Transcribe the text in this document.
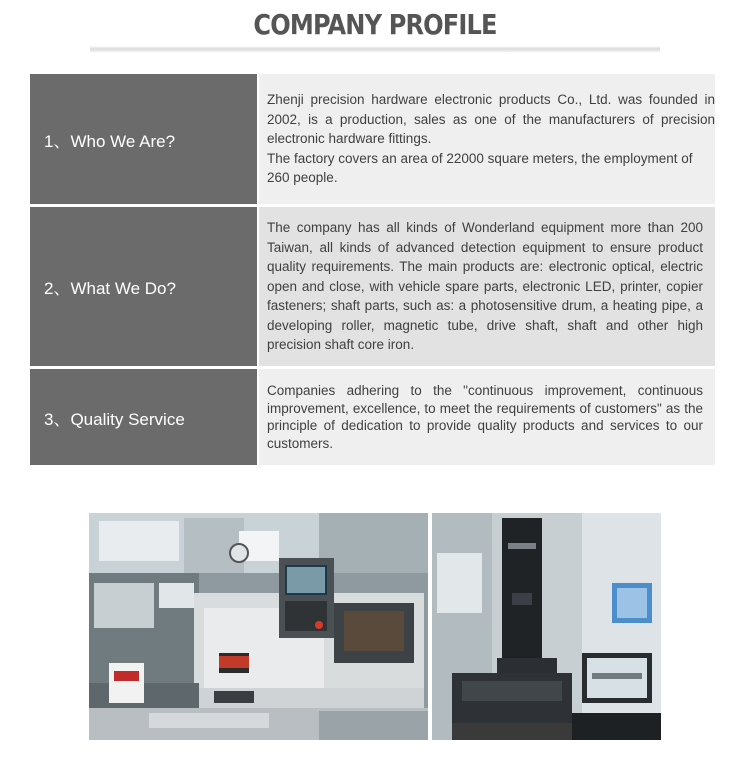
COMPANY PROFILE
1、Who We Are?

Zhenji precision hardware electronic products Co., Ltd. was founded in 2002, is a production, sales as one of the manufacturers of precision electronic hardware fittings.

The factory covers an area of 22000 square meters, the employment of 260 people.

2、What We Do?

The company has all kinds of Wonderland equipment more than 200 Taiwan, all kinds of advanced detection equipment to ensure product quality requirements. The main products are: electronic optical, electric open and close, with vehicle spare parts, electronic LED, printer, copier fasteners; shaft parts, such as: a photosensitive drum, a heating pipe, a developing roller, magnetic tube, drive shaft, shaft and other high precision shaft core iron.

3、Quality Service

Companies adhering to the "continuous improvement, continuous improvement, excellence, to meet the requirements of customers" as the principle of dedication to provide quality products and services to our customers.
